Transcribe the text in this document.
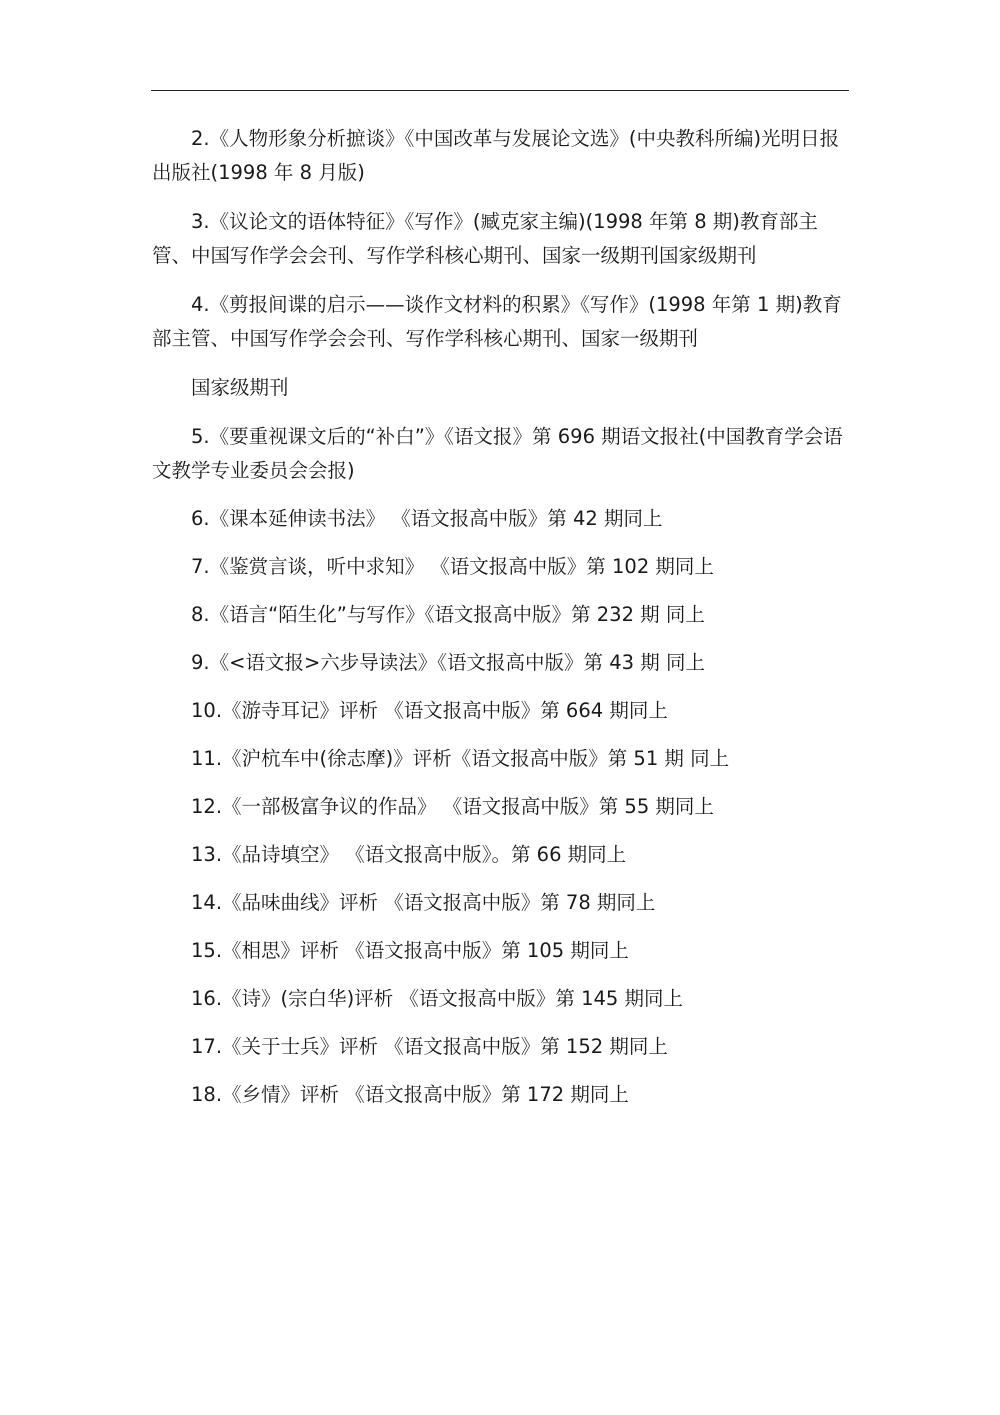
2.《人物形象分析摭谈》《中国改革与发展论文选》(中央教科所编)光明日报出版社(1998 年 8 月版)

3.《议论文的语体特征》《写作》(臧克家主编)(1998 年第 8 期)教育部主管、中国写作学会会刊、写作学科核心期刊、国家一级期刊国家级期刊

4.《剪报间谍的启示——谈作文材料的积累》《写作》(1998 年第 1 期)教育部主管、中国写作学会会刊、写作学科核心期刊、国家一级期刊

国家级期刊

5.《要重视课文后的“补白”》《语文报》第 696 期语文报社(中国教育学会语文教学专业委员会会报)

6.《课本延伸读书法》 《语文报高中版》第 42 期同上

7.《鉴赏言谈，听中求知》 《语文报高中版》第 102 期同上

8.《语言“陌生化”与写作》《语文报高中版》第 232 期 同上

9.《<语文报>六步导读法》《语文报高中版》第 43 期 同上

10.《游寺耳记》评析 《语文报高中版》第 664 期同上

11.《沪杭车中(徐志摩)》评析《语文报高中版》第 51 期 同上

12.《一部极富争议的作品》 《语文报高中版》第 55 期同上

13.《品诗填空》 《语文报高中版》。第 66 期同上

14.《品味曲线》评析 《语文报高中版》第 78 期同上

15.《相思》评析 《语文报高中版》第 105 期同上

16.《诗》(宗白华)评析 《语文报高中版》第 145 期同上

17.《关于士兵》评析 《语文报高中版》第 152 期同上

18.《乡情》评析 《语文报高中版》第 172 期同上
